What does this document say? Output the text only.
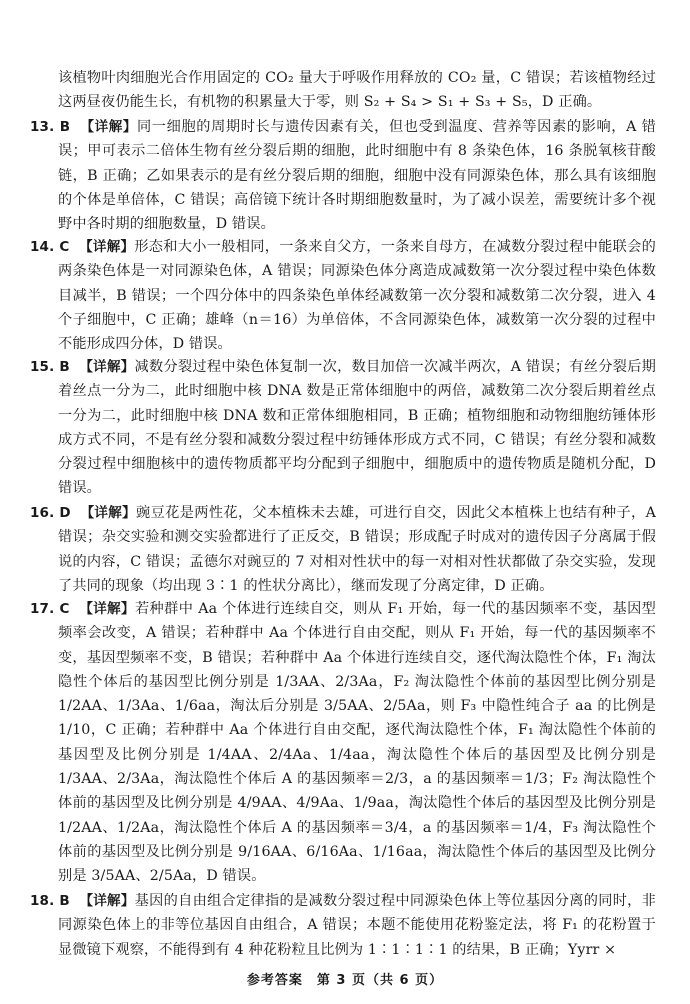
该植物叶肉细胞光合作用固定的 CO₂ 量大于呼吸作用释放的 CO₂ 量，C 错误；若该植物经过这两昼夜仍能生长，有机物的积累量大于零，则 S₂ + S₄ > S₁ + S₃ + S₅，D 正确。
13. B 【详解】同一细胞的周期时长与遗传因素有关，但也受到温度、营养等因素的影响，A 错误；甲可表示二倍体生物有丝分裂后期的细胞，此时细胞中有 8 条染色体，16 条脱氧核苷酸链，B 正确；乙如果表示的是有丝分裂后期的细胞，细胞中没有同源染色体，那么具有该细胞的个体是单倍体，C 错误；高倍镜下统计各时期细胞数量时，为了减小误差，需要统计多个视野中各时期的细胞数量，D 错误。
14. C 【详解】形态和大小一般相同，一条来自父方，一条来自母方，在减数分裂过程中能联会的两条染色体是一对同源染色体，A 错误；同源染色体分离造成减数第一次分裂过程中染色体数目减半，B 错误；一个四分体中的四条染色单体经减数第一次分裂和减数第二次分裂，进入 4 个子细胞中，C 正确；雄峰（n＝16）为单倍体，不含同源染色体，减数第一次分裂的过程中不能形成四分体，D 错误。
15. B 【详解】减数分裂过程中染色体复制一次，数目加倍一次减半两次，A 错误；有丝分裂后期着丝点一分为二，此时细胞中核 DNA 数是正常体细胞中的两倍，减数第二次分裂后期着丝点一分为二，此时细胞中核 DNA 数和正常体细胞相同，B 正确；植物细胞和动物细胞纺锤体形成方式不同，不是有丝分裂和减数分裂过程中纺锤体形成方式不同，C 错误；有丝分裂和减数分裂过程中细胞核中的遗传物质都平均分配到子细胞中，细胞质中的遗传物质是随机分配，D 错误。
16. D 【详解】豌豆花是两性花，父本植株未去雄，可进行自交，因此父本植株上也结有种子，A 错误；杂交实验和测交实验都进行了正反交，B 错误；形成配子时成对的遗传因子分离属于假说的内容，C 错误；孟德尔对豌豆的 7 对相对性状中的每一对相对性状都做了杂交实验，发现了共同的现象（均出现 3∶1 的性状分离比），继而发现了分离定律，D 正确。
17. C 【详解】若种群中 Aa 个体进行连续自交，则从 F₁ 开始，每一代的基因频率不变，基因型频率会改变，A 错误；若种群中 Aa 个体进行自由交配，则从 F₁ 开始，每一代的基因频率不变，基因型频率不变，B 错误；若种群中 Aa 个体进行连续自交，逐代淘汰隐性个体，F₁ 淘汰隐性个体后的基因型比例分别是 1/3AA、2/3Aa，F₂ 淘汰隐性个体前的基因型比例分别是 1/2AA、1/3Aa、1/6aa，淘汰后分别是 3/5AA、2/5Aa，则 F₃ 中隐性纯合子 aa 的比例是 1/10，C 正确；若种群中 Aa 个体进行自由交配，逐代淘汰隐性个体，F₁ 淘汰隐性个体前的基因型及比例分别是 1/4AA、2/4Aa、1/4aa，淘汰隐性个体后的基因型及比例分别是 1/3AA、2/3Aa，淘汰隐性个体后 A 的基因频率＝2/3，a 的基因频率＝1/3；F₂ 淘汰隐性个体前的基因型及比例分别是 4/9AA、4/9Aa、1/9aa，淘汰隐性个体后的基因型及比例分别是 1/2AA、1/2Aa，淘汰隐性个体后 A 的基因频率＝3/4，a 的基因频率＝1/4，F₃ 淘汰隐性个体前的基因型及比例分别是 9/16AA、6/16Aa、1/16aa，淘汰隐性个体后的基因型及比例分别是 3/5AA、2/5Aa，D 错误。
18. B 【详解】基因的自由组合定律指的是减数分裂过程中同源染色体上等位基因分离的同时，非同源染色体上的非等位基因自由组合，A 错误；本题不能使用花粉鉴定法，将 F₁ 的花粉置于显微镜下观察，不能得到有 4 种花粉粒且比例为 1∶1∶1∶1 的结果，B 正确；Yyrr ×
参考答案　第 3 页（共 6 页）
